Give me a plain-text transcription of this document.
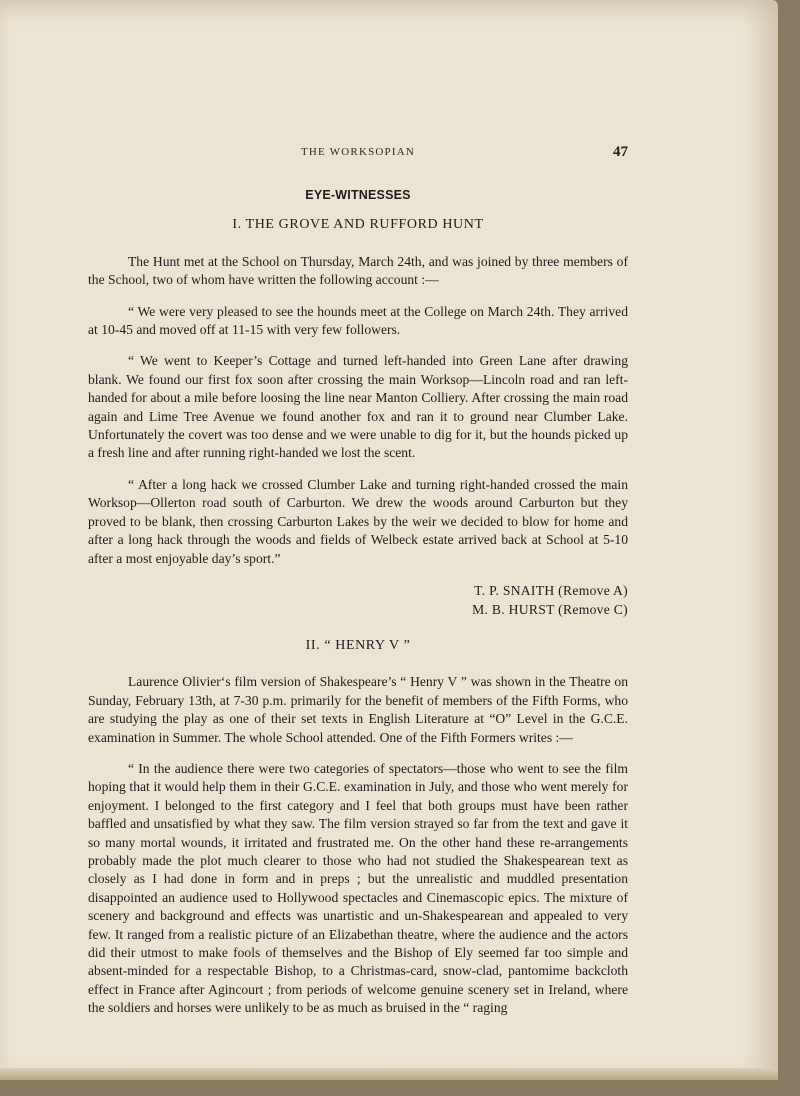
THE WORKSOPIAN	47
EYE-WITNESSES
I. THE GROVE AND RUFFORD HUNT

The Hunt met at the School on Thursday, March 24th, and was joined by three members of the School, two of whom have written the following account :—

“ We were very pleased to see the hounds meet at the College on March 24th. They arrived at 10-45 and moved off at 11-15 with very few followers.

“ We went to Keeper’s Cottage and turned left-handed into Green Lane after drawing blank. We found our first fox soon after crossing the main Worksop—Lincoln road and ran left-handed for about a mile before loosing the line near Manton Colliery. After crossing the main road again and Lime Tree Avenue we found another fox and ran it to ground near Clumber Lake. Unfortunately the covert was too dense and we were unable to dig for it, but the hounds picked up a fresh line and after running right-handed we lost the scent.

“ After a long hack we crossed Clumber Lake and turning right-handed crossed the main Worksop—Ollerton road south of Carburton. We drew the woods around Carburton but they proved to be blank, then crossing Carburton Lakes by the weir we decided to blow for home and after a long hack through the woods and fields of Welbeck estate arrived back at School at 5-10 after a most enjoyable day’s sport.”

T. P. SNAITH (Remove A)
M. B. HURST (Remove C)
II. “ HENRY V ”

Laurence Olivier‘s film version of Shakespeare’s “ Henry V ” was shown in the Theatre on Sunday, February 13th, at 7-30 p.m. primarily for the benefit of members of the Fifth Forms, who are studying the play as one of their set texts in English Literature at “O” Level in the G.C.E. examination in Summer. The whole School attended. One of the Fifth Formers writes :—

“ In the audience there were two categories of spectators—those who went to see the film hoping that it would help them in their G.C.E. examination in July, and those who went merely for enjoyment. I belonged to the first category and I feel that both groups must have been rather baffled and unsatisfied by what they saw. The film version strayed so far from the text and gave it so many mortal wounds, it irritated and frustrated me. On the other hand these re-arrangements probably made the plot much clearer to those who had not studied the Shakespearean text as closely as I had done in form and in preps ; but the unrealistic and muddled presentation disappointed an audience used to Hollywood spectacles and Cinemascopic epics. The mixture of scenery and background and effects was unartistic and un-Shakespearean and appealed to very few. It ranged from a realistic picture of an Elizabethan theatre, where the audience and the actors did their utmost to make fools of themselves and the Bishop of Ely seemed far too simple and absent-minded for a respectable Bishop, to a Christmas-card, snow-clad, pantomime backcloth effect in France after Agincourt ; from periods of welcome genuine scenery set in Ireland, where the soldiers and horses were unlikely to be as much as bruised in the “ raging
